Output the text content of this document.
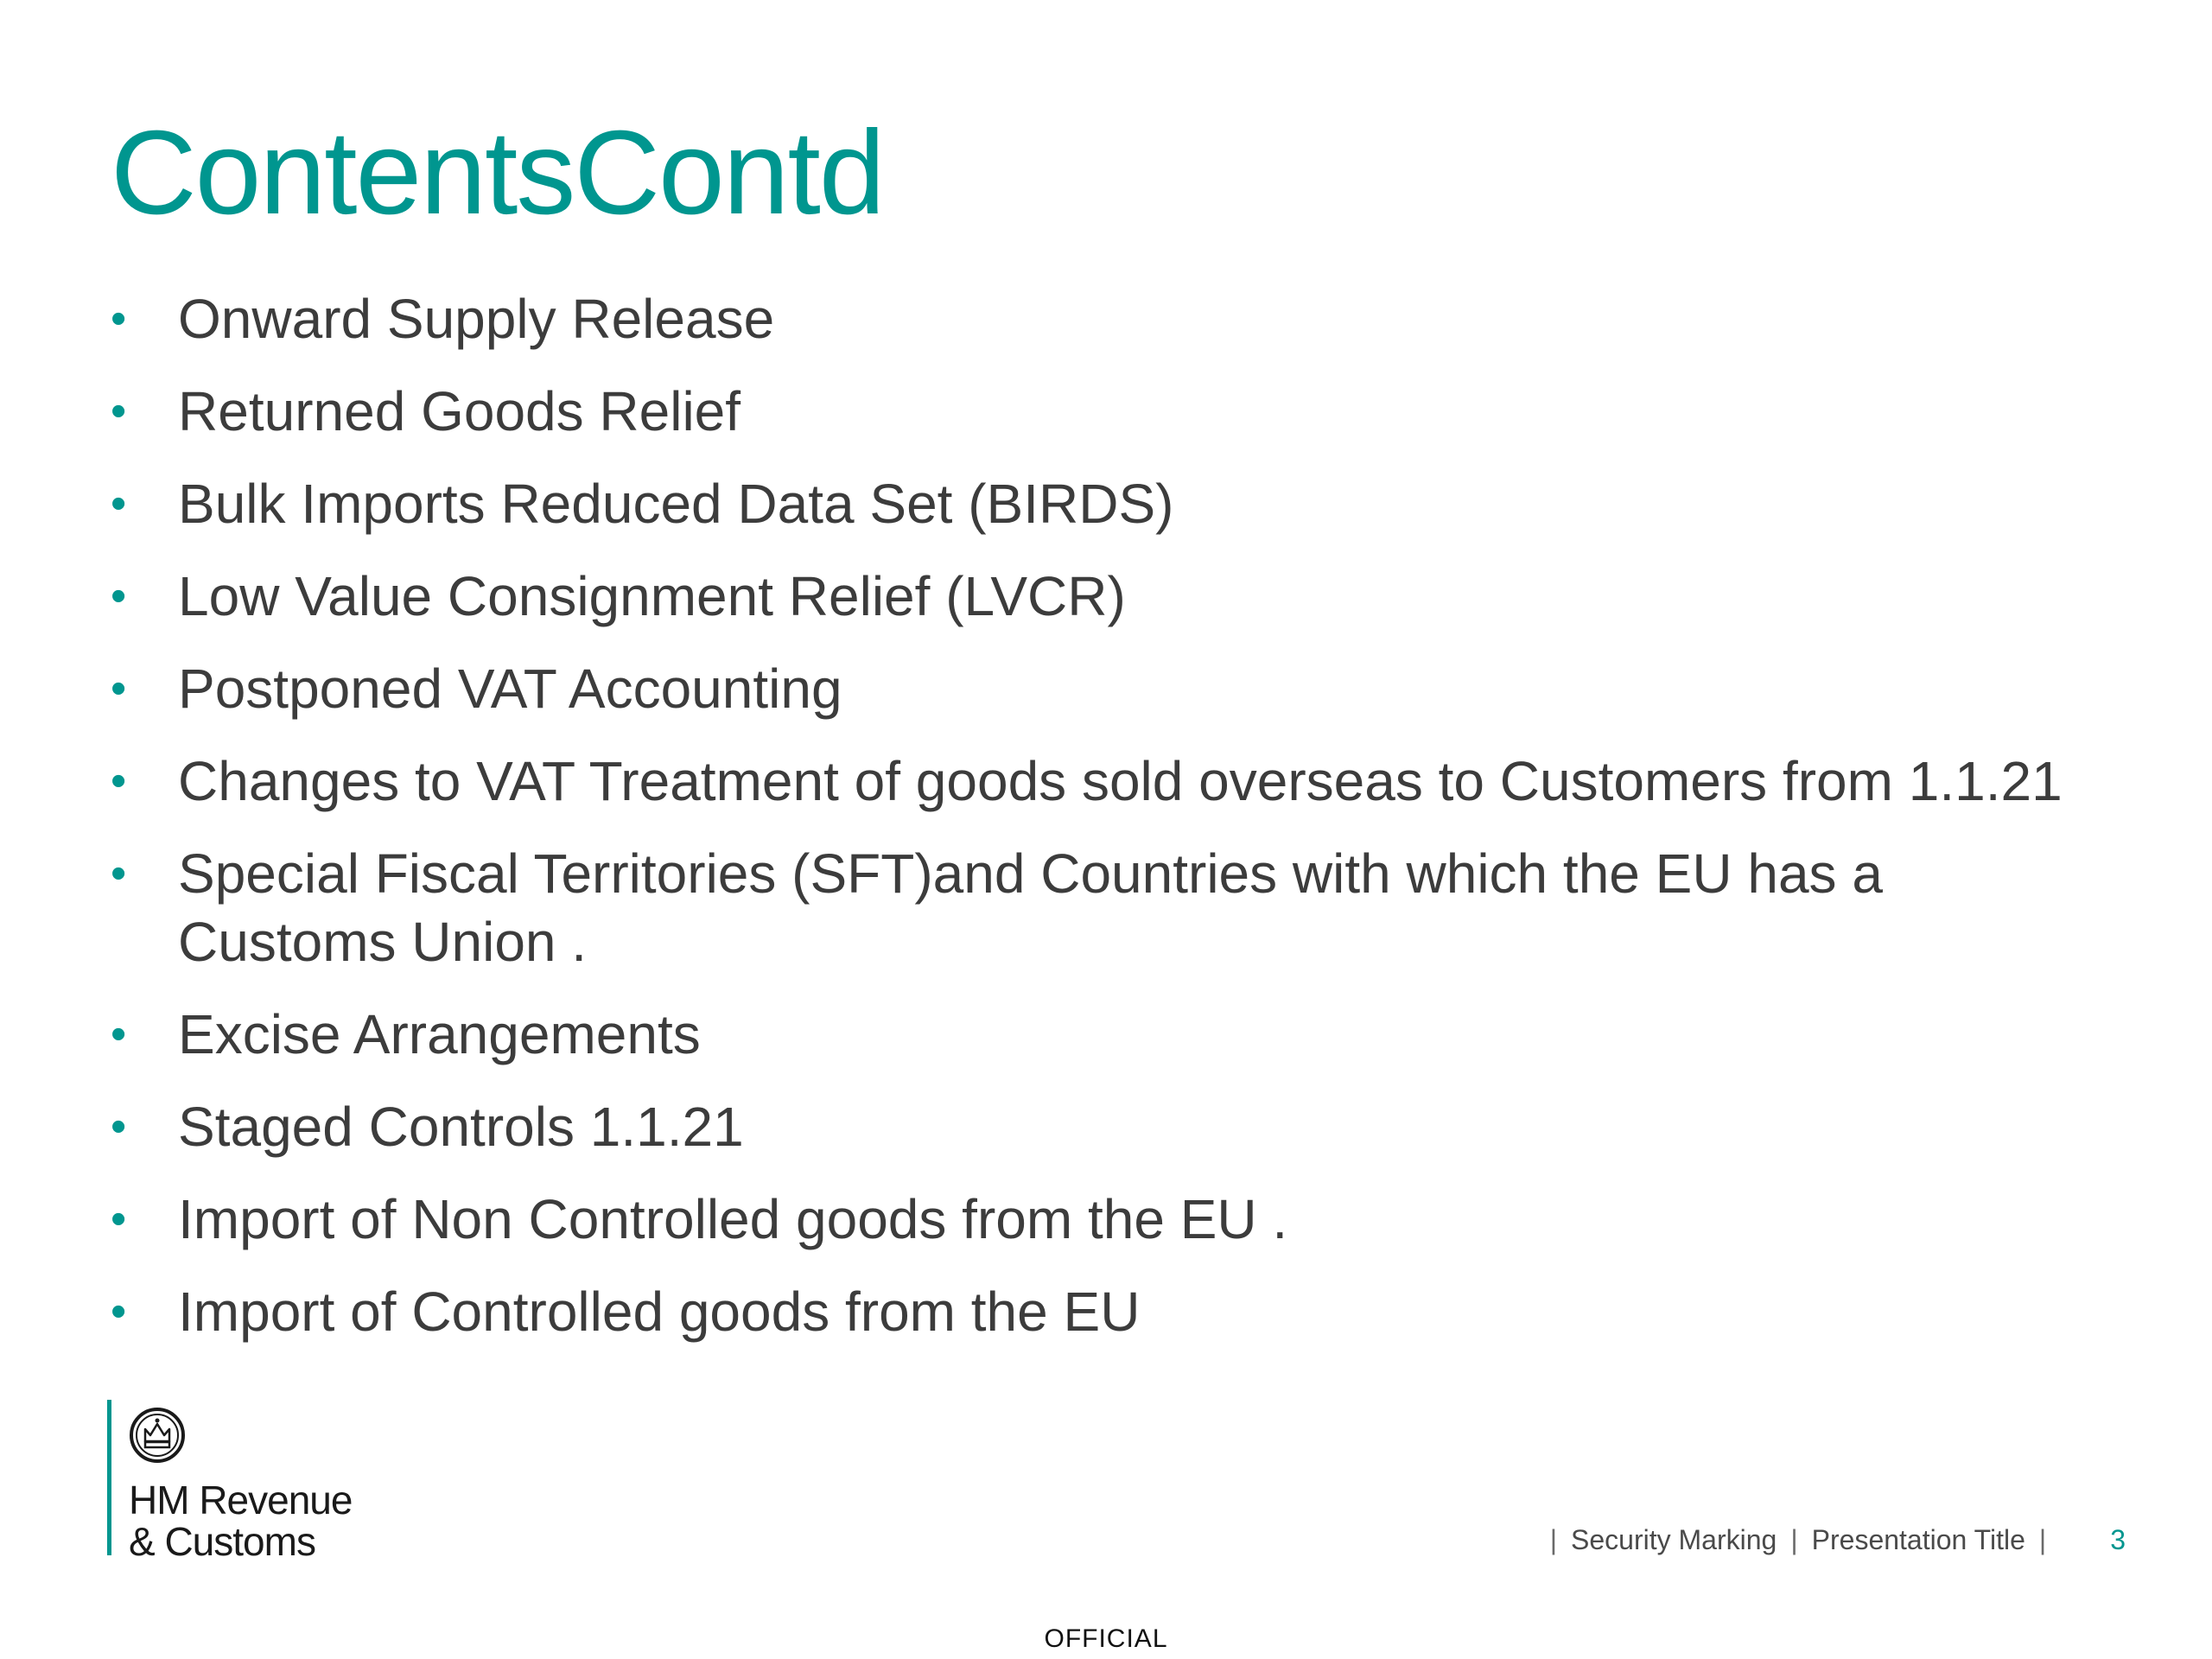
ContentsContd
• Onward Supply Release
• Returned Goods Relief
• Bulk Imports Reduced Data Set (BIRDS)
• Low Value Consignment Relief (LVCR)
• Postponed VAT Accounting
• Changes to VAT Treatment of goods sold overseas to Customers from 1.1.21
• Special Fiscal Territories (SFT)and Countries with which the EU has a Customs Union .
• Excise Arrangements
• Staged Controls 1.1.21
• Import of Non Controlled goods from the EU .
• Import of Controlled goods from the EU
HM Revenue
& Customs	| Security Marking | Presentation Title | 3
OFFICIAL
